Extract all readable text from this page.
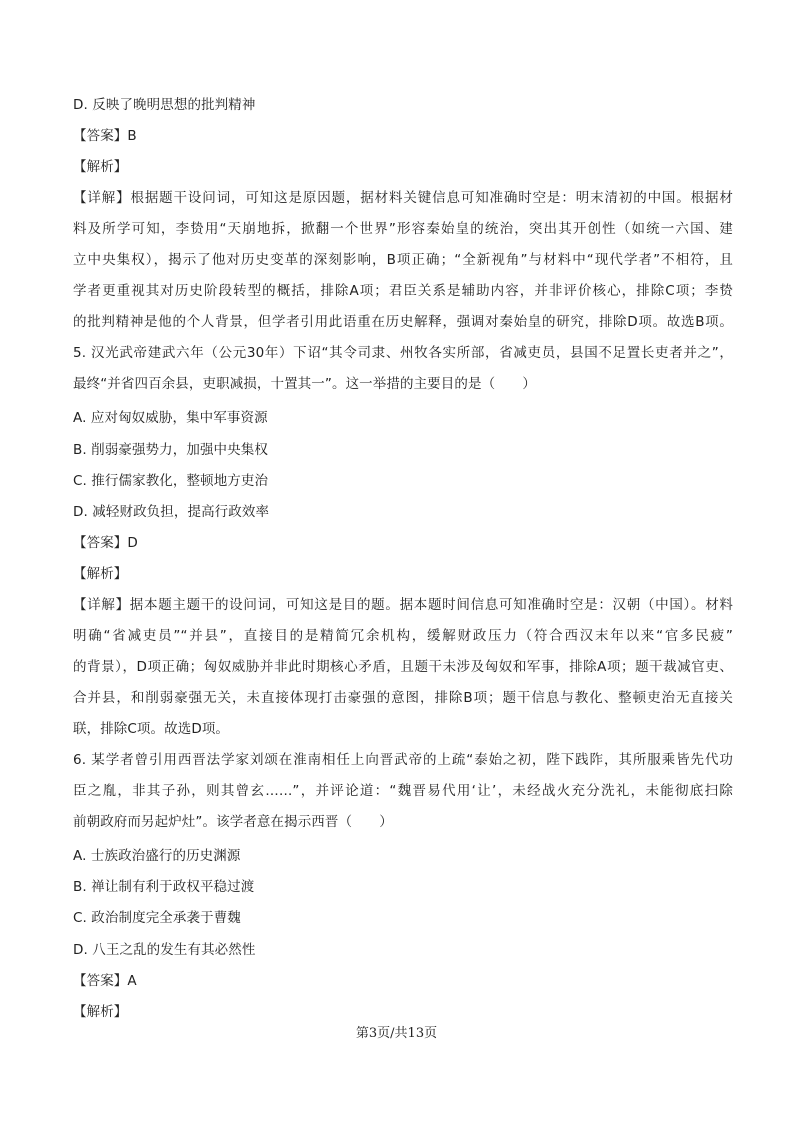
D. 反映了晚明思想的批判精神
【答案】B
【解析】
【详解】根据题干设问词，可知这是原因题，据材料关键信息可知准确时空是：明末清初的中国。根据材
料及所学可知，李贽用“天崩地拆，掀翻一个世界”形容秦始皇的统治，突出其开创性（如统一六国、建
立中央集权），揭示了他对历史变革的深刻影响，B项正确；“全新视角”与材料中“现代学者”不相符，且
学者更重视其对历史阶段转型的概括，排除A项；君臣关系是辅助内容，并非评价核心，排除C项；李贽
的批判精神是他的个人背景，但学者引用此语重在历史解释，强调对秦始皇的研究，排除D项。故选B项。
5. 汉光武帝建武六年（公元30年）下诏“其令司隶、州牧各实所部，省减吏员，县国不足置长吏者并之”，
最终“并省四百余县，吏职减损，十置其一”。这一举措的主要目的是（　　）
A. 应对匈奴威胁，集中军事资源
B. 削弱豪强势力，加强中央集权
C. 推行儒家教化，整顿地方吏治
D. 减轻财政负担，提高行政效率
【答案】D
【解析】
【详解】据本题主题干的设问词，可知这是目的题。据本题时间信息可知准确时空是：汉朝（中国）。材料
明确“省减吏员”“并县”，直接目的是精简冗余机构，缓解财政压力（符合西汉末年以来“官多民疲”
的背景），D项正确；匈奴威胁并非此时期核心矛盾，且题干未涉及匈奴和军事，排除A项；题干裁减官吏、
合并县，和削弱豪强无关，未直接体现打击豪强的意图，排除B项；题干信息与教化、整顿吏治无直接关
联，排除C项。故选D项。
6. 某学者曾引用西晋法学家刘颂在淮南相任上向晋武帝的上疏“泰始之初，陛下践阼，其所服乘皆先代功
臣之胤，非其子孙，则其曾玄……”，并评论道：“魏晋易代用‘让’，未经战火充分洗礼，未能彻底扫除
前朝政府而另起炉灶”。该学者意在揭示西晋（　　）
A. 士族政治盛行的历史渊源
B. 禅让制有利于政权平稳过渡
C. 政治制度完全承袭于曹魏
D. 八王之乱的发生有其必然性
【答案】A
【解析】
第3页/共13页
